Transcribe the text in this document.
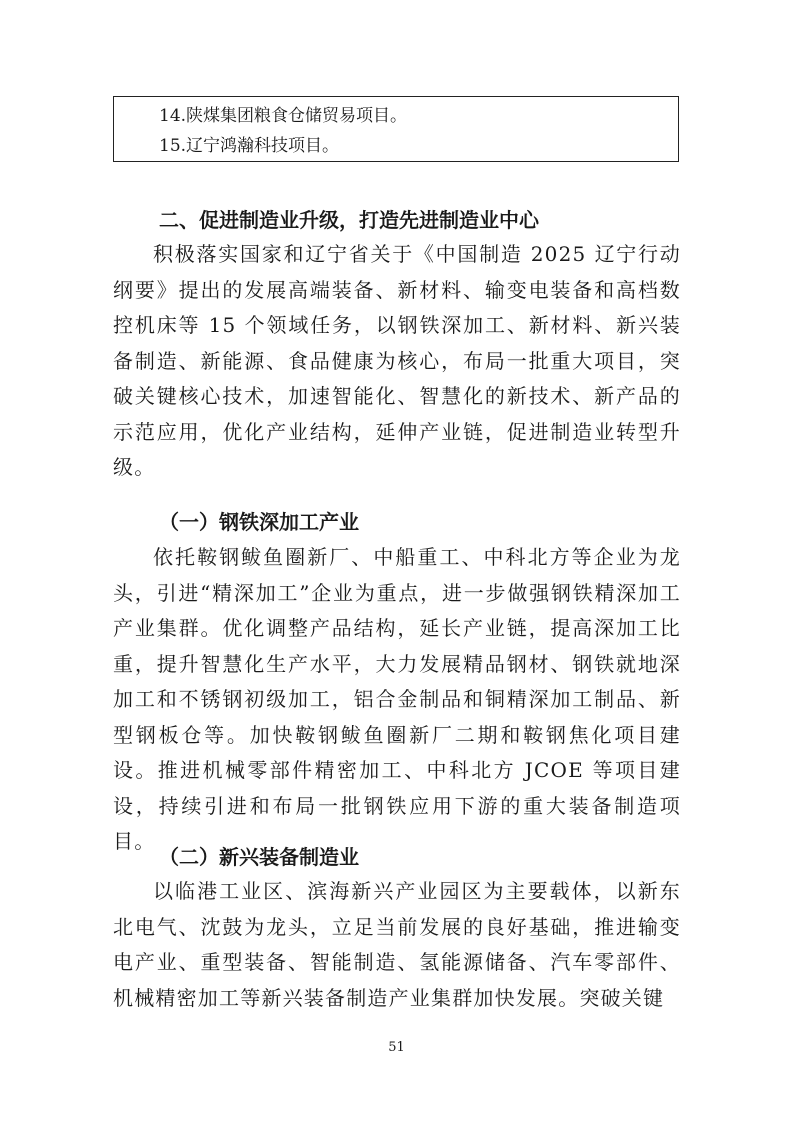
14.陕煤集团粮食仓储贸易项目。
15.辽宁鸿瀚科技项目。
二、促进制造业升级，打造先进制造业中心

积极落实国家和辽宁省关于《中国制造 2025 辽宁行动纲要》提出的发展高端装备、新材料、输变电装备和高档数控机床等 15 个领域任务，以钢铁深加工、新材料、新兴装备制造、新能源、食品健康为核心，布局一批重大项目，突破关键核心技术，加速智能化、智慧化的新技术、新产品的示范应用，优化产业结构，延伸产业链，促进制造业转型升级。

（一）钢铁深加工产业

依托鞍钢鲅鱼圈新厂、中船重工、中科北方等企业为龙头，引进“精深加工”企业为重点，进一步做强钢铁精深加工产业集群。优化调整产品结构，延长产业链，提高深加工比重，提升智慧化生产水平，大力发展精品钢材、钢铁就地深加工和不锈钢初级加工，铝合金制品和铜精深加工制品、新型钢板仓等。加快鞍钢鲅鱼圈新厂二期和鞍钢焦化项目建设。推进机械零部件精密加工、中科北方 JCOE 等项目建设，持续引进和布局一批钢铁应用下游的重大装备制造项目。

（二）新兴装备制造业

以临港工业区、滨海新兴产业园区为主要载体，以新东北电气、沈鼓为龙头，立足当前发展的良好基础，推进输变电产业、重型装备、智能制造、氢能源储备、汽车零部件、机械精密加工等新兴装备制造产业集群加快发展。突破关键

51
